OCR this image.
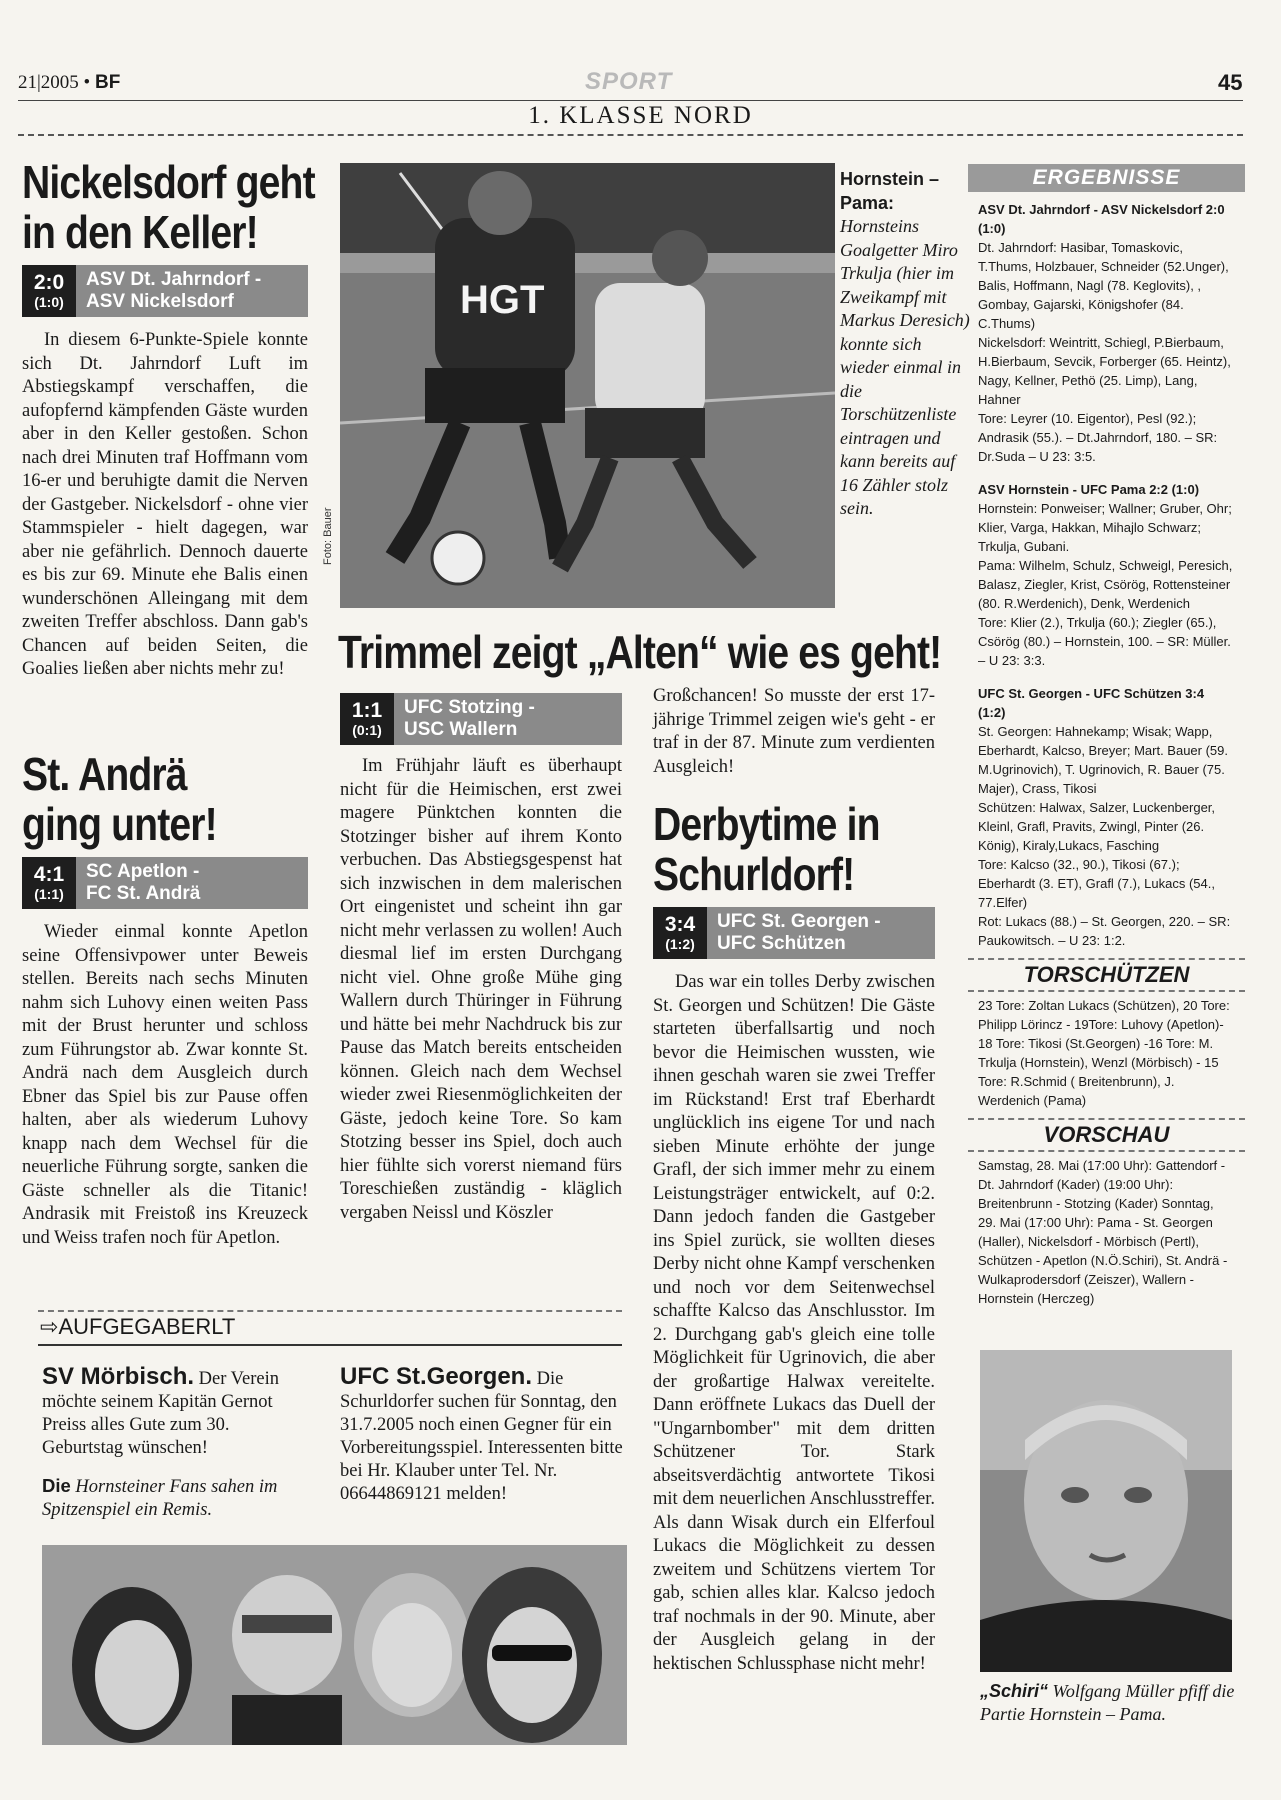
21|2005 • BF	SPORT	45
1. KLASSE NORD
Nickelsdorf geht
in den Keller!
2:0
(1:0)
ASV Dt. Jahrndorf -
ASV Nickelsdorf

In diesem 6-Punkte-Spiele konnte sich Dt. Jahrndorf Luft im Abstiegskampf verschaffen, die aufopfernd kämpfenden Gäste wurden aber in den Keller gestoßen. Schon nach drei Minuten traf Hoffmann vom 16-er und beruhigte damit die Nerven der Gastgeber. Nickelsdorf - ohne vier Stammspieler - hielt dagegen, war aber nie gefährlich. Dennoch dauerte es bis zur 69. Minute ehe Balis einen wunderschönen Alleingang mit dem zweiten Treffer abschloss. Dann gab's Chancen auf beiden Seiten, die Goalies ließen aber nichts mehr zu!

St. Andrä
ging unter!
4:1
(1:1)
SC Apetlon -
FC St. Andrä

Wieder einmal konnte Apetlon seine Offensivpower unter Beweis stellen. Bereits nach sechs Minuten nahm sich Luhovy einen weiten Pass mit der Brust herunter und schloss zum Führungstor ab. Zwar konnte St. Andrä nach dem Ausgleich durch Ebner das Spiel bis zur Pause offen halten, aber als wiederum Luhovy knapp nach dem Wechsel für die neuerliche Führung sorgte, sanken die Gäste schneller als die Titanic! Andrasik mit Freistoß ins Kreuzeck und Weiss trafen noch für Apetlon.

HGT
Foto: Bauer
Hornstein – Pama: Hornsteins Goalgetter Miro Trkulja (hier im Zweikampf mit Markus Deresich) konnte sich wieder einmal in die Torschützenliste eintragen und kann bereits auf 16 Zähler stolz sein.
Trimmel zeigt „Alten“ wie es geht!
1:1
(0:1)
UFC Stotzing -
USC Wallern

Im Frühjahr läuft es überhaupt nicht für die Heimischen, erst zwei magere Pünktchen konnten die Stotzinger bisher auf ihrem Konto verbuchen. Das Abstiegsgespenst hat sich inzwischen in dem malerischen Ort eingenistet und scheint ihn gar nicht mehr verlassen zu wollen! Auch diesmal lief im ersten Durchgang nicht viel. Ohne große Mühe ging Wallern durch Thüringer in Führung und hätte bei mehr Nachdruck bis zur Pause das Match bereits entscheiden können. Gleich nach dem Wechsel wieder zwei Riesenmöglichkeiten der Gäste, jedoch keine Tore. So kam Stotzing besser ins Spiel, doch auch hier fühlte sich vorerst niemand fürs Toreschießen zuständig - kläglich vergaben Neissl und Köszler

Großchancen! So musste der erst 17-jährige Trimmel zeigen wie's geht - er traf in der 87. Minute zum verdienten Ausgleich!

Derbytime in
Schurldorf!
3:4
(1:2)
UFC St. Georgen -
UFC Schützen

Das war ein tolles Derby zwischen St. Georgen und Schützen! Die Gäste starteten überfallsartig und noch bevor die Heimischen wussten, wie ihnen geschah waren sie zwei Treffer im Rückstand! Erst traf Eberhardt unglücklich ins eigene Tor und nach sieben Minute erhöhte der junge Grafl, der sich immer mehr zu einem Leistungsträger entwickelt, auf 0:2. Dann jedoch fanden die Gastgeber ins Spiel zurück, sie wollten dieses Derby nicht ohne Kampf verschenken und noch vor dem Seitenwechsel schaffte Kalcso das Anschlusstor. Im 2. Durchgang gab's gleich eine tolle Möglichkeit für Ugrinovich, die aber der großartige Halwax vereitelte. Dann eröffnete Lukacs das Duell der "Ungarnbomber" mit dem dritten Schützener Tor. Stark abseitsverdächtig antwortete Tikosi mit dem neuerlichen Anschlusstreffer. Als dann Wisak durch ein Elferfoul Lukacs die Möglichkeit zu dessen zweitem und Schützens viertem Tor gab, schien alles klar. Kalcso jedoch traf nochmals in der 90. Minute, aber der Ausgleich gelang in der hektischen Schlussphase nicht mehr!

ERGEBNISSE

ASV Dt. Jahrndorf - ASV Nickelsdorf 2:0 (1:0)

Dt. Jahrndorf: Hasibar, Tomaskovic, T.Thums, Holzbauer, Schneider (52.Unger), Balis, Hoffmann, Nagl (78. Keglovits), , Gombay, Gajarski, Königshofer (84. C.Thums)

Nickelsdorf: Weintritt, Schiegl, P.Bierbaum, H.Bierbaum, Sevcik, Forberger (65. Heintz), Nagy, Kellner, Pethö (25. Limp), Lang, Hahner

Tore: Leyrer (10. Eigentor), Pesl (92.); Andrasik (55.). – Dt.Jahrndorf, 180. – SR: Dr.Suda – U 23: 3:5.

ASV Hornstein - UFC Pama 2:2 (1:0)

Hornstein: Ponweiser; Wallner; Gruber, Ohr; Klier, Varga, Hakkan, Mihajlo Schwarz; Trkulja, Gubani.

Pama: Wilhelm, Schulz, Schweigl, Peresich, Balasz, Ziegler, Krist, Csörög, Rottensteiner (80. R.Werdenich), Denk, Werdenich

Tore: Klier (2.), Trkulja (60.); Ziegler (65.), Csörög (80.) – Hornstein, 100. – SR: Müller. – U 23: 3:3.

UFC St. Georgen - UFC Schützen 3:4 (1:2)

St. Georgen: Hahnekamp; Wisak; Wapp, Eberhardt, Kalcso, Breyer; Mart. Bauer (59. M.Ugrinovich), T. Ugrinovich, R. Bauer (75. Majer), Crass, Tikosi

Schützen: Halwax, Salzer, Luckenberger, Kleinl, Grafl, Pravits, Zwingl, Pinter (26. König), Kiraly,Lukacs, Fasching

Tore: Kalcso (32., 90.), Tikosi (67.); Eberhardt (3. ET), Grafl (7.), Lukacs (54., 77.Elfer)

Rot: Lukacs (88.) – St. Georgen, 220. – SR: Paukowitsch. – U 23: 1:2.

TORSCHÜTZEN
23 Tore: Zoltan Lukacs (Schützen), 20 Tore: Philipp Lörincz - 19Tore: Luhovy (Apetlon)- 18 Tore: Tikosi (St.Georgen) -16 Tore: M. Trkulja (Hornstein), Wenzl (Mörbisch) - 15 Tore: R.Schmid ( Breitenbrunn), J. Werdenich (Pama)
VORSCHAU
Samstag, 28. Mai (17:00 Uhr): Gattendorf - Dt. Jahrndorf (Kader) (19:00 Uhr): Breitenbrunn - Stotzing (Kader) Sonntag, 29. Mai (17:00 Uhr): Pama - St. Georgen (Haller), Nickelsdorf - Mörbisch (Pertl), Schützen - Apetlon (N.Ö.Schiri), St. Andrä - Wulkaprodersdorf (Zeiszer), Wallern - Hornstein (Herczeg)
„Schiri“ Wolfgang Müller pfiff die Partie Hornstein – Pama.
⇨AUFGEGABERLT
SV Mörbisch. Der Verein möchte seinem Kapitän Gernot Preiss alles Gute zum 30. Geburtstag wünschen!
Die Hornsteiner Fans sahen im Spitzenspiel ein Remis.
UFC St.Georgen. Die Schurldorfer suchen für Sonntag, den 31.7.2005 noch einen Gegner für ein Vorbereitungsspiel. Interessenten bitte bei Hr. Klauber unter Tel. Nr. 06644869121 melden!
